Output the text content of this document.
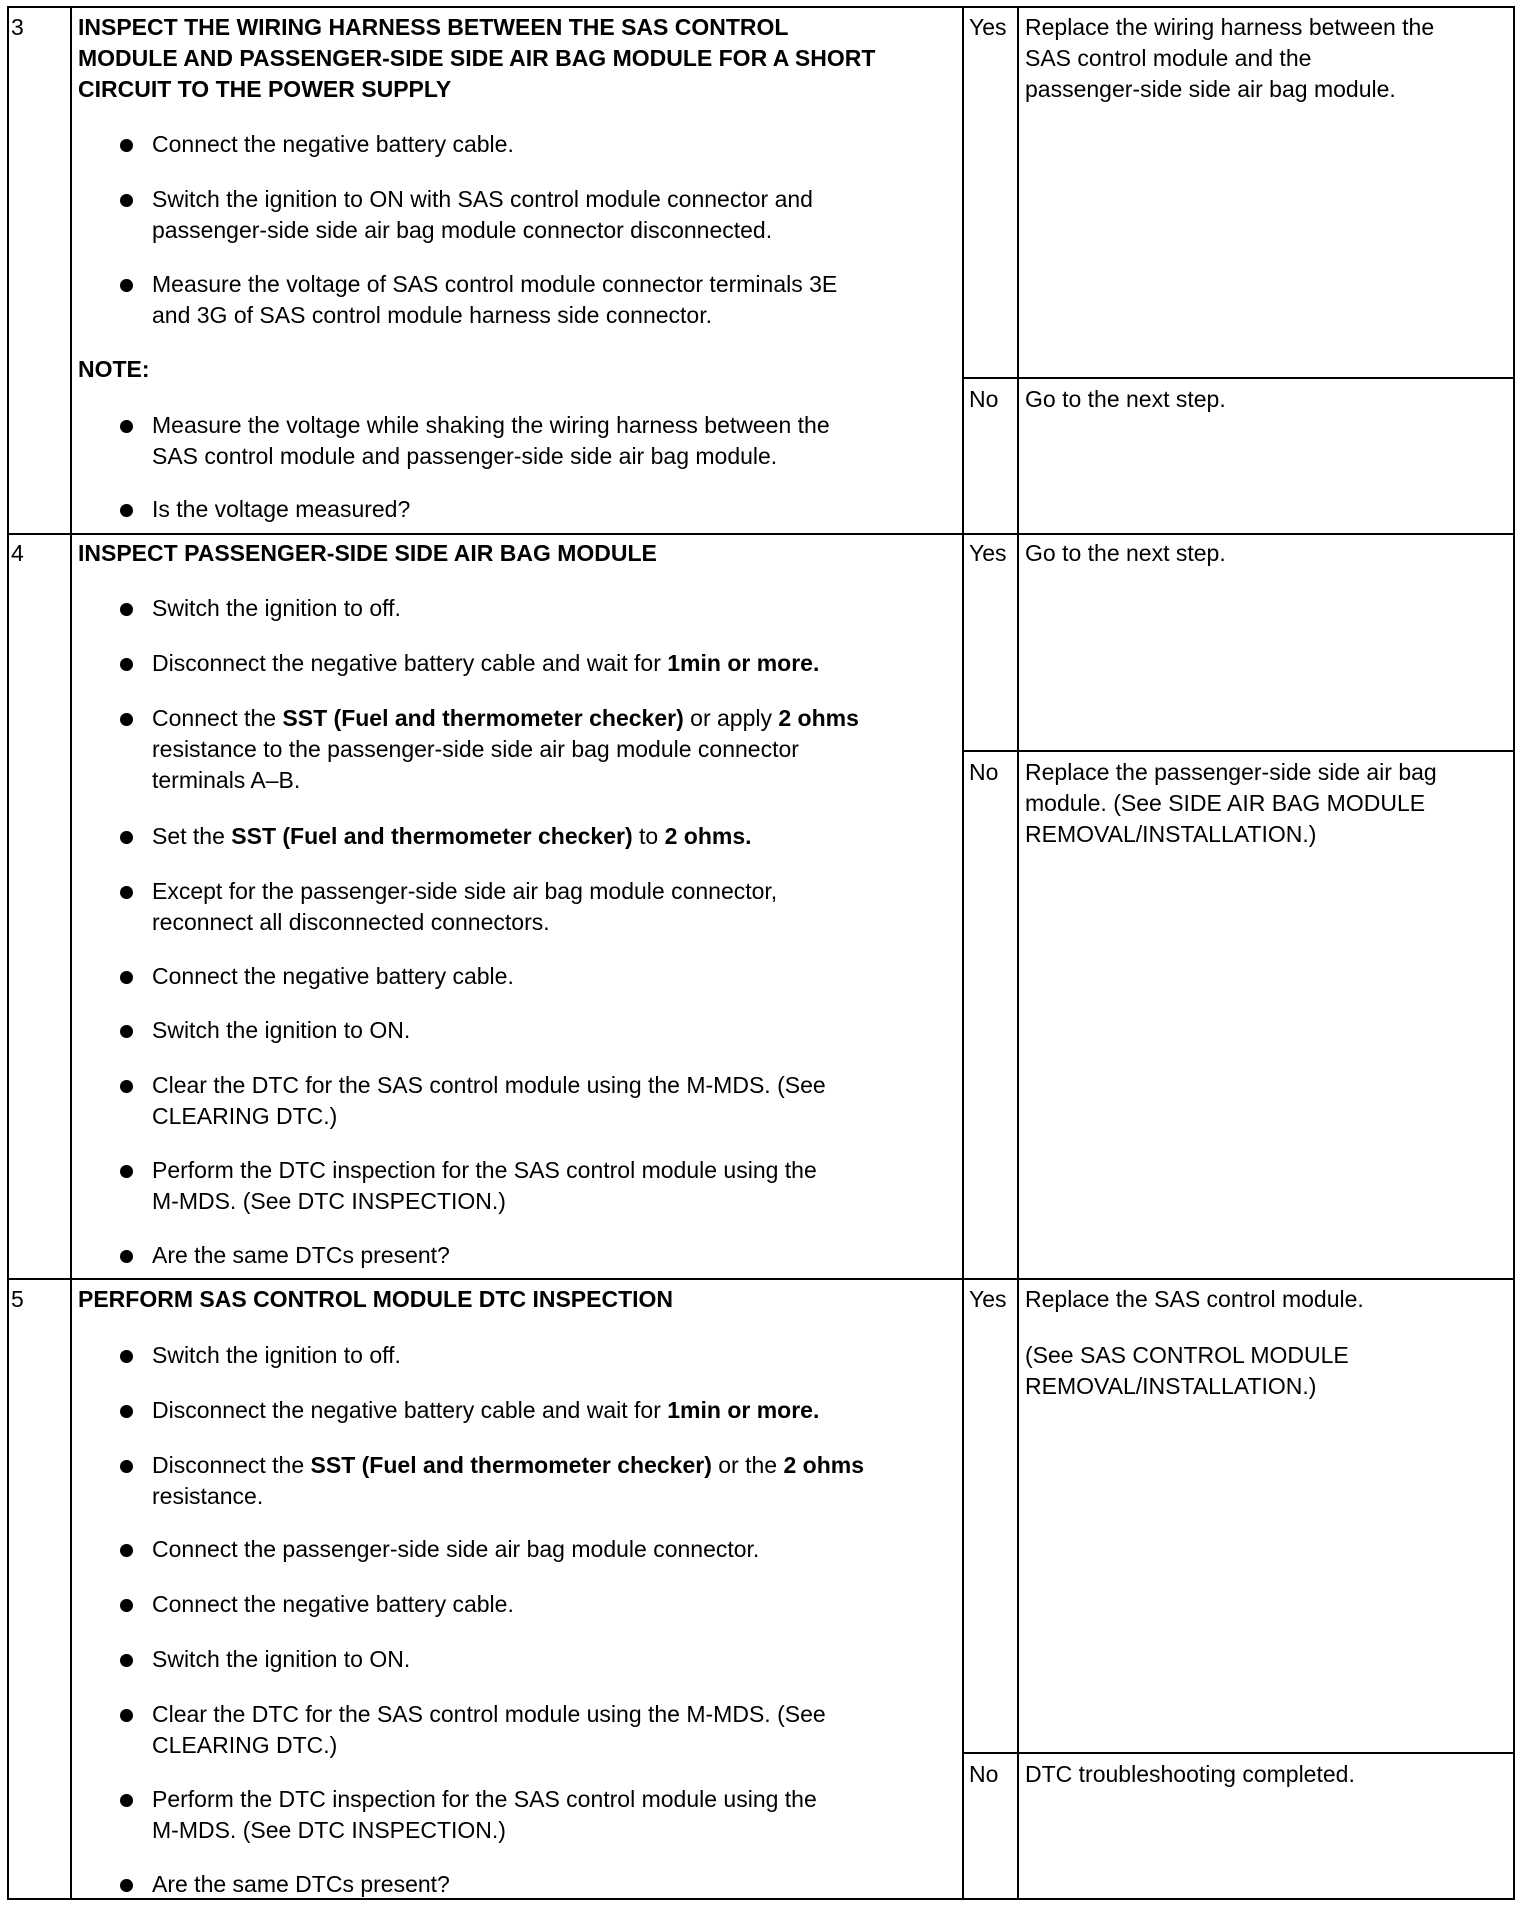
3 INSPECT THE WIRING HARNESS BETWEEN THE SAS CONTROL
MODULE AND PASSENGER-SIDE SIDE AIR BAG MODULE FOR A SHORT
CIRCUIT TO THE POWER SUPPLY
Connect the negative battery cable.
Switch the ignition to ON with SAS control module connector and
passenger-side side air bag module connector disconnected.
Measure the voltage of SAS control module connector terminals 3E
and 3G of SAS control module harness side connector.
NOTE:
Measure the voltage while shaking the wiring harness between the
SAS control module and passenger-side side air bag module.
Is the voltage measured?
Yes Replace the wiring harness between the
SAS control module and the
passenger-side side air bag module.
No Go to the next step.
4 INSPECT PASSENGER-SIDE SIDE AIR BAG MODULE
Switch the ignition to off.
Disconnect the negative battery cable and wait for 1min or more.
Connect the SST (Fuel and thermometer checker) or apply 2 ohms
resistance to the passenger-side side air bag module connector
terminals A–B.
Set the SST (Fuel and thermometer checker) to 2 ohms.
Except for the passenger-side side air bag module connector,
reconnect all disconnected connectors.
Connect the negative battery cable.
Switch the ignition to ON.
Clear the DTC for the SAS control module using the M-MDS. (See
CLEARING DTC.)
Perform the DTC inspection for the SAS control module using the
M-MDS. (See DTC INSPECTION.)
Are the same DTCs present?
Yes Go to the next step.
No Replace the passenger-side side air bag
module. (See SIDE AIR BAG MODULE
REMOVAL/INSTALLATION.)
5 PERFORM SAS CONTROL MODULE DTC INSPECTION
Switch the ignition to off.
Disconnect the negative battery cable and wait for 1min or more.
Disconnect the SST (Fuel and thermometer checker) or the 2 ohms
resistance.
Connect the passenger-side side air bag module connector.
Connect the negative battery cable.
Switch the ignition to ON.
Clear the DTC for the SAS control module using the M-MDS. (See
CLEARING DTC.)
Perform the DTC inspection for the SAS control module using the
M-MDS. (See DTC INSPECTION.)
Are the same DTCs present?
Yes Replace the SAS control module.
(See SAS CONTROL MODULE
REMOVAL/INSTALLATION.)
No DTC troubleshooting completed.
